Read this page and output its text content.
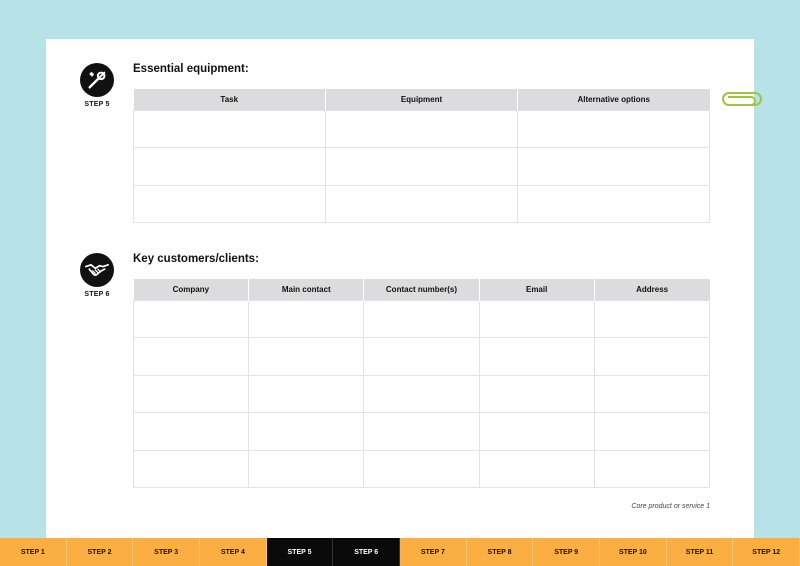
STEP 5
Essential equipment:
Task	Equipment	Alternative options

STEP 6
Key customers/clients:
Company	Main contact	Contact number(s)	Email	Address

Core product or service 1
STEP 1	STEP 2	STEP 3	STEP 4	STEP 5	STEP 6	STEP 7	STEP 8	STEP 9	STEP 10	STEP 11	STEP 12
